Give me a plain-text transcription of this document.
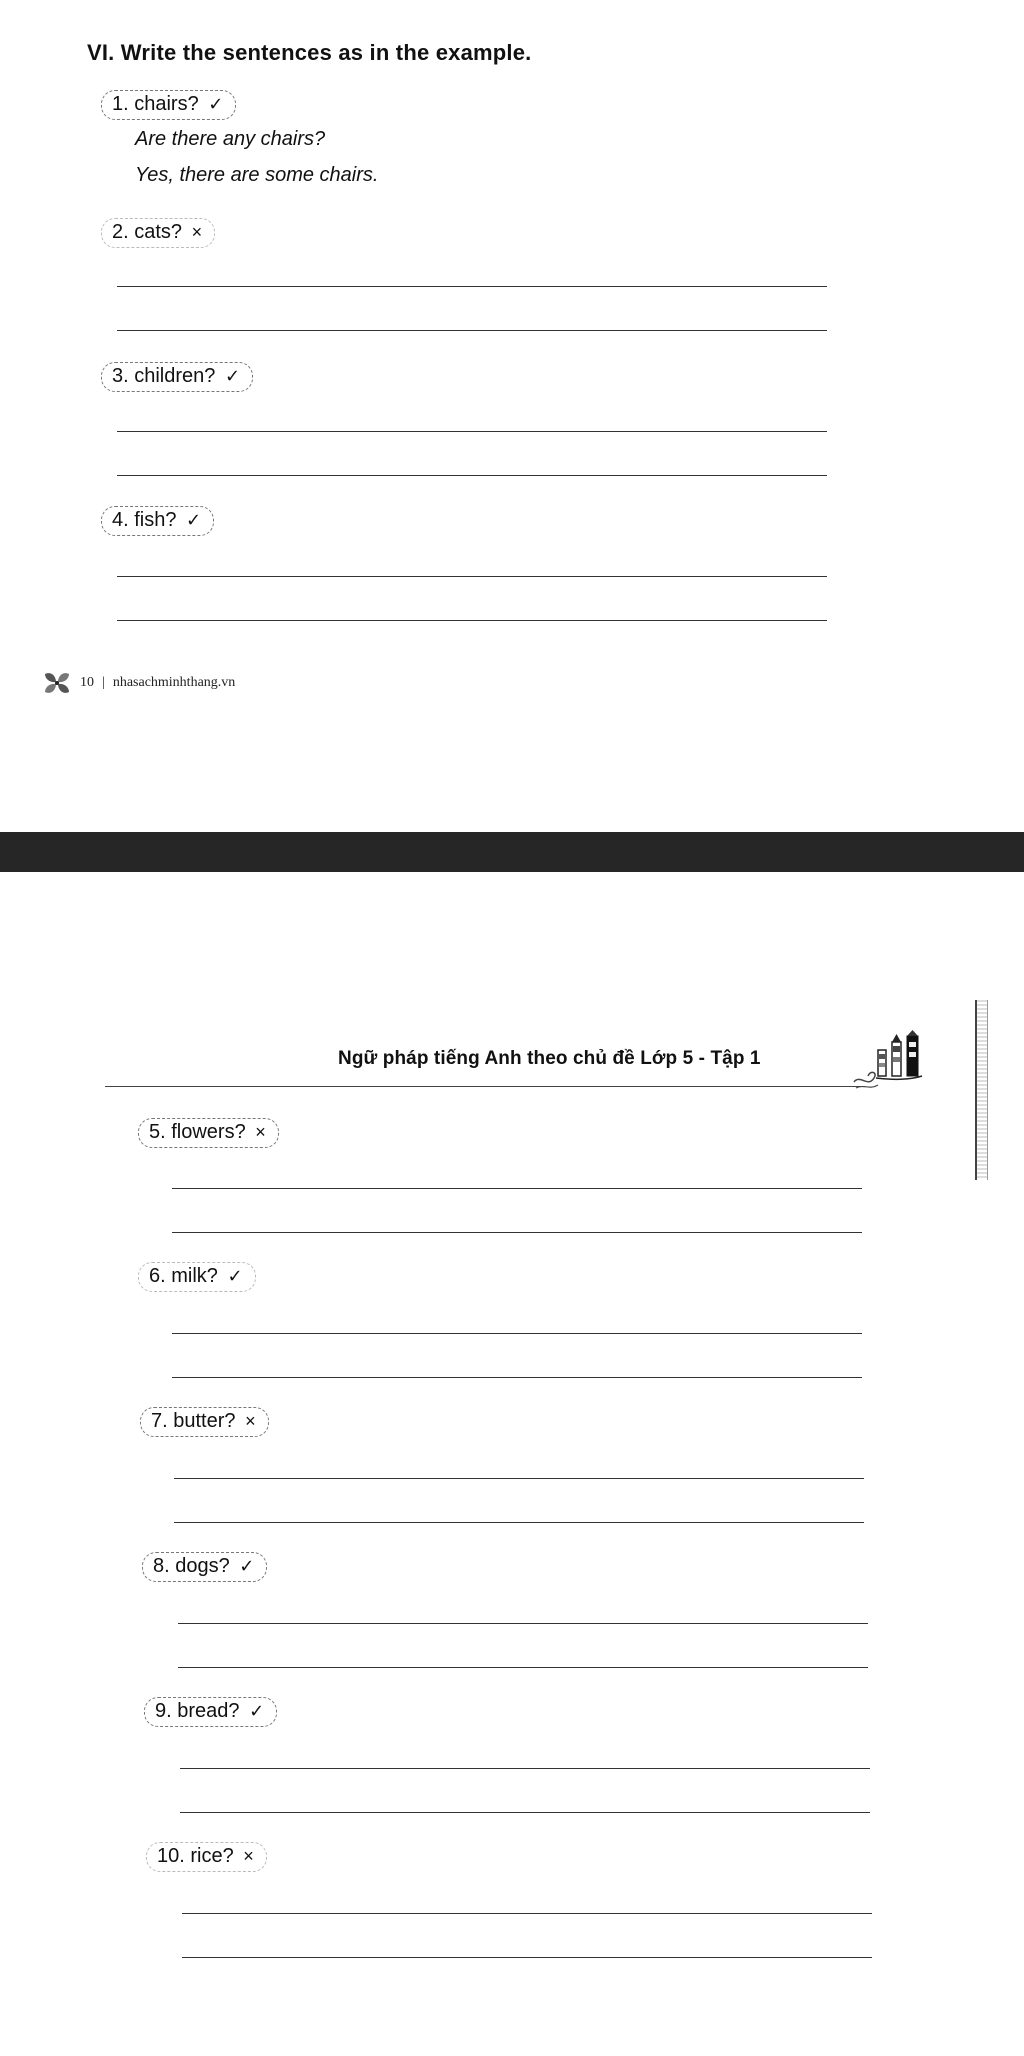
VI. Write the sentences as in the example.
1. chairs? ✓
Are there any chairs?
Yes, there are some chairs.
2. cats? ×
3. children? ✓
4. fish? ✓
10 | nhasachminhthang.vn
Ngữ pháp tiếng Anh theo chủ đề Lớp 5 - Tập 1
5. flowers? ×
6. milk? ✓
7. butter? ×
8. dogs? ✓
9. bread? ✓
10. rice? ×
